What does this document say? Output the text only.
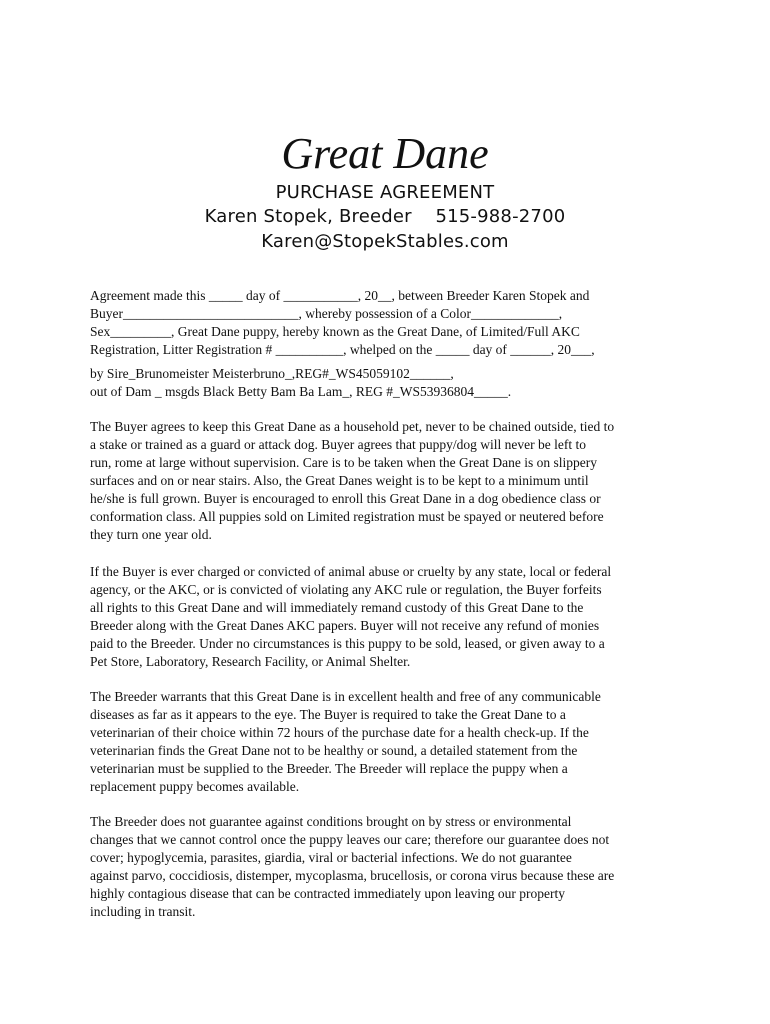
Great Dane
PURCHASE AGREEMENT
Karen Stopek, Breeder    515-988-2700
Karen@StopekStables.com
Agreement made this _____ day of ___________, 20__, between Breeder Karen Stopek and
Buyer__________________________, whereby possession of a Color_____________,
Sex_________, Great Dane puppy, hereby known as the Great Dane, of Limited/Full AKC
Registration, Litter Registration # __________, whelped on the _____ day of ______, 20___,
by Sire_Brunomeister Meisterbruno_,REG#_WS45059102______,
out of Dam _ msgds Black Betty Bam Ba Lam_, REG #_WS53936804_____.
The Buyer agrees to keep this Great Dane as a household pet, never to be chained outside, tied to
a stake or trained as a guard or attack dog. Buyer agrees that puppy/dog will never be left to
run, rome at large without supervision. Care is to be taken when the Great Dane is on slippery
surfaces and on or near stairs. Also, the Great Danes weight is to be kept to a minimum until
he/she is full grown. Buyer is encouraged to enroll this Great Dane in a dog obedience class or
conformation class. All puppies sold on Limited registration must be spayed or neutered before
they turn one year old.
If the Buyer is ever charged or convicted of animal abuse or cruelty by any state, local or federal
agency, or the AKC, or is convicted of violating any AKC rule or regulation, the Buyer forfeits
all rights to this Great Dane and will immediately remand custody of this Great Dane to the
Breeder along with the Great Danes AKC papers. Buyer will not receive any refund of monies
paid to the Breeder. Under no circumstances is this puppy to be sold, leased, or given away to a
Pet Store, Laboratory, Research Facility, or Animal Shelter.
The Breeder warrants that this Great Dane is in excellent health and free of any communicable
diseases as far as it appears to the eye. The Buyer is required to take the Great Dane to a
veterinarian of their choice within 72 hours of the purchase date for a health check-up. If the
veterinarian finds the Great Dane not to be healthy or sound, a detailed statement from the
veterinarian must be supplied to the Breeder. The Breeder will replace the puppy when a
replacement puppy becomes available.
The Breeder does not guarantee against conditions brought on by stress or environmental
changes that we cannot control once the puppy leaves our care; therefore our guarantee does not
cover; hypoglycemia, parasites, giardia, viral or bacterial infections. We do not guarantee
against parvo, coccidiosis, distemper, mycoplasma, brucellosis, or corona virus because these are
highly contagious disease that can be contracted immediately upon leaving our property
including in transit.
